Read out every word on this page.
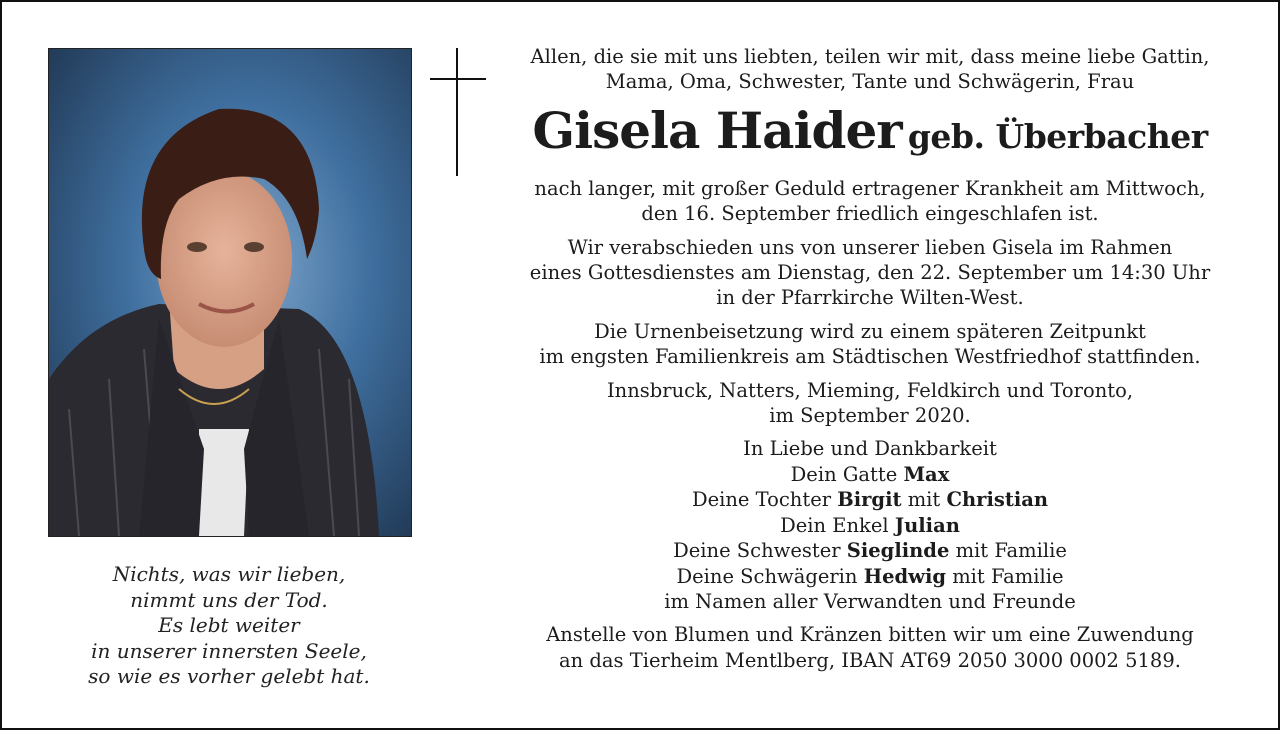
Nichts, was wir lieben,
nimmt uns der Tod.
Es lebt weiter
in unserer innersten Seele,
so wie es vorher gelebt hat.
Allen, die sie mit uns liebten, teilen wir mit, dass meine liebe Gattin,
Mama, Oma, Schwester, Tante und Schwägerin, Frau
Gisela Haider geb. Überbacher
nach langer, mit großer Geduld ertragener Krankheit am Mittwoch,
den 16. September friedlich eingeschlafen ist.
Wir verabschieden uns von unserer lieben Gisela im Rahmen
eines Gottesdienstes am Dienstag, den 22. September um 14:30 Uhr
in der Pfarrkirche Wilten-West.
Die Urnenbeisetzung wird zu einem späteren Zeitpunkt
im engsten Familienkreis am Städtischen Westfriedhof stattfinden.
Innsbruck, Natters, Mieming, Feldkirch und Toronto,
im September 2020.
In Liebe und Dankbarkeit
Dein Gatte Max
Deine Tochter Birgit mit Christian
Dein Enkel Julian
Deine Schwester Sieglinde mit Familie
Deine Schwägerin Hedwig mit Familie
im Namen aller Verwandten und Freunde
Anstelle von Blumen und Kränzen bitten wir um eine Zuwendung
an das Tierheim Mentlberg, IBAN AT69 2050 3000 0002 5189.
